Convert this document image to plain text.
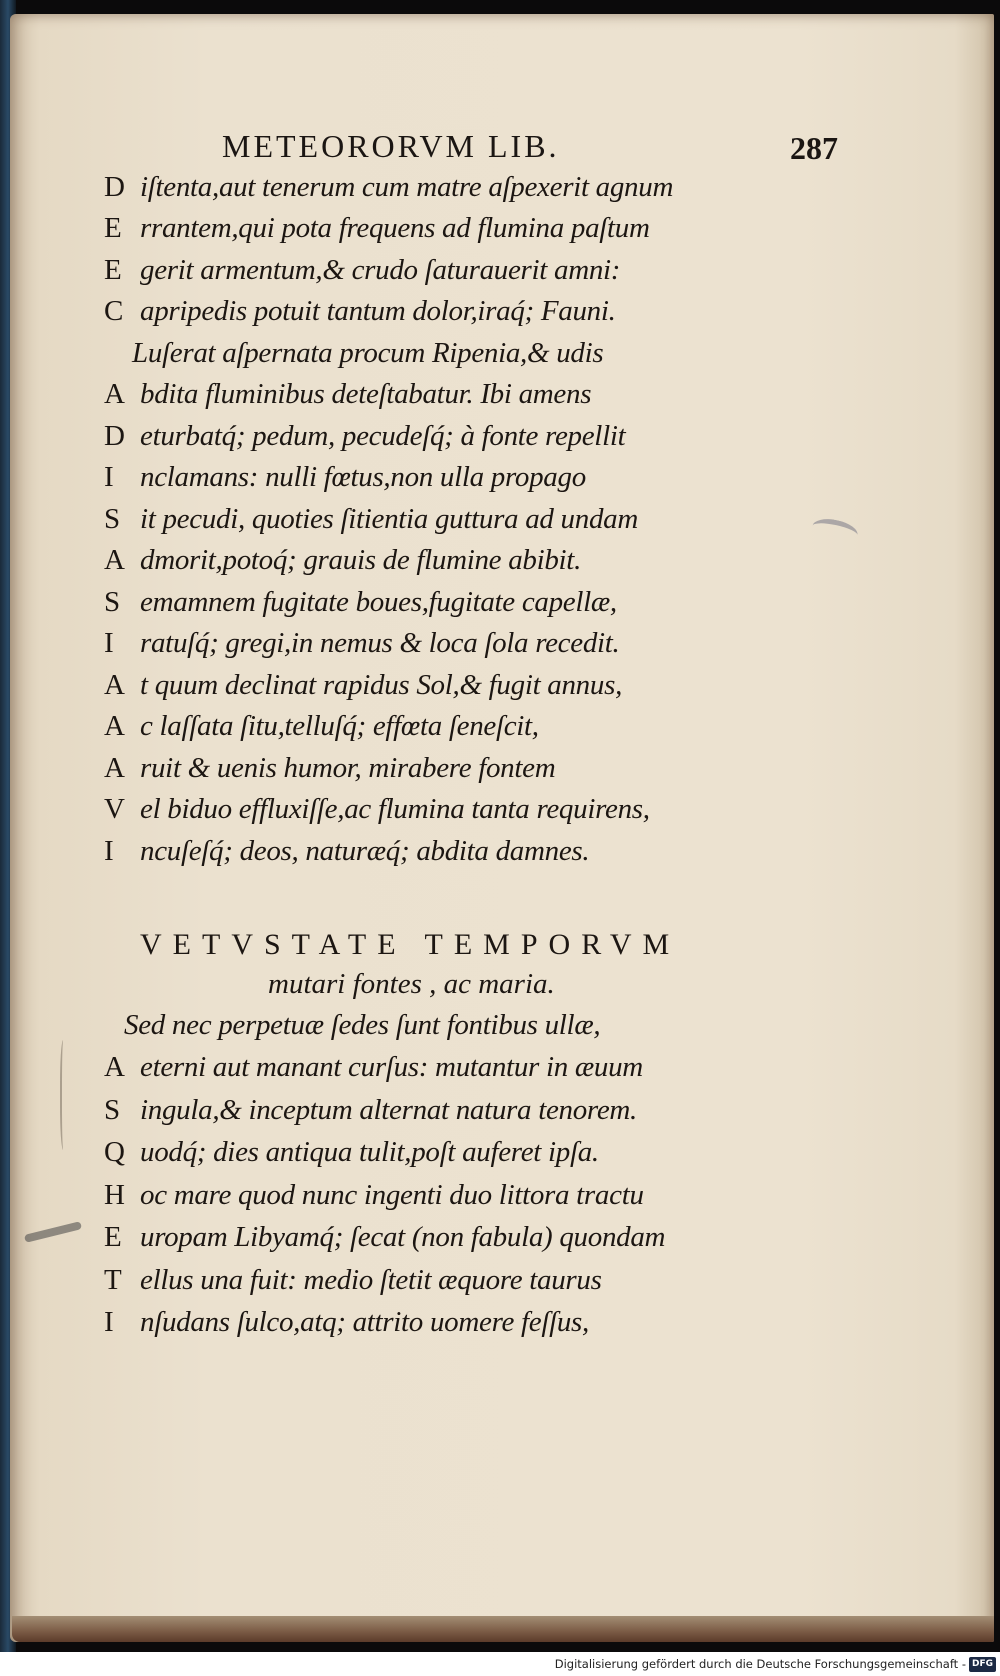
METEORORVM LIB.	287
D iſtenta,aut tenerum cum matre aſpexerit agnum
E rrantem,qui pota frequens ad flumina paſtum
E gerit armentum,& crudo ſaturauerit amni:
C apripedis potuit tantum dolor,iraq́; Fauni.
Luſerat aſpernata procum Ripenia,& udis
A bdita fluminibus deteſtabatur. Ibi amens
D eturbatq́; pedum, pecudeſq́; à fonte repellit
I nclamans: nulli fœtus,non ulla propago
S it pecudi, quoties ſitientia guttura ad undam
A dmorit,potoq́; grauis de flumine abibit.
S emamnem fugitate boues,fugitate capellæ,
I ratuſq́; gregi,in nemus & loca ſola recedit.
A t quum declinat rapidus Sol,& fugit annus,
A c laſſata ſitu,telluſq́; effœta ſeneſcit,
A ruit & uenis humor, mirabere fontem
V el biduo effluxiſſe,ac flumina tanta requirens,
I ncuſeſq́; deos, naturæq́; abdita damnes.
VETVSTATE TEMPORVM
mutari fontes , ac maria.
Sed nec perpetuæ ſedes ſunt fontibus ullæ,
A eterni aut manant curſus: mutantur in æuum
S ingula,& inceptum alternat natura tenorem.
Q uodq́; dies antiqua tulit,poſt auferet ipſa.
H oc mare quod nunc ingenti duo littora tractu
E uropam Libyamq́; ſecat (non fabula) quondam
T ellus una fuit: medio ſtetit æquore taurus
I nſudans ſulco,atq; attrito uomere feſſus,
Digitalisierung gefördert durch die Deutsche Forschungsgemeinschaft - DFG
